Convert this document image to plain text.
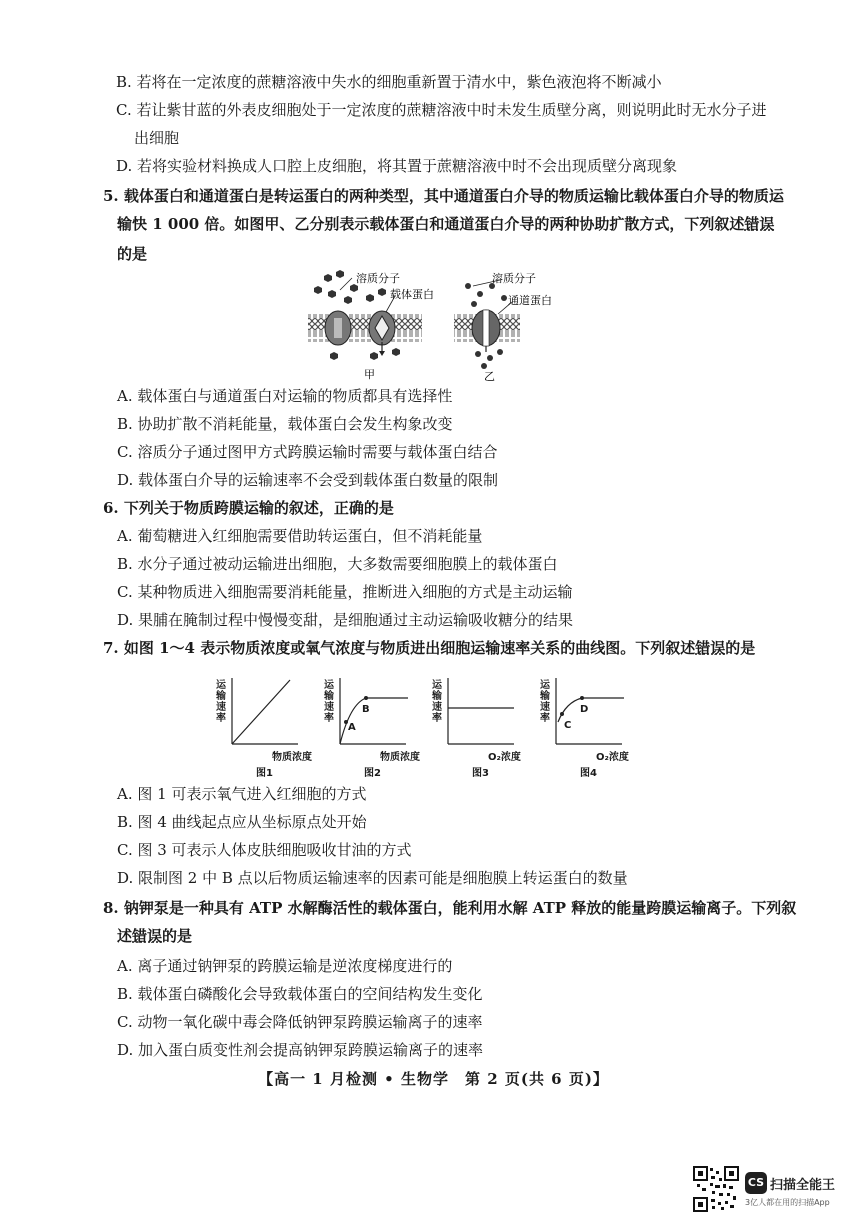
B. 若将在一定浓度的蔗糖溶液中失水的细胞重新置于清水中，紫色液泡将不断减小
C. 若让紫甘蓝的外表皮细胞处于一定浓度的蔗糖溶液中时未发生质壁分离，则说明此时无水分子进
出细胞
D. 若将实验材料换成人口腔上皮细胞，将其置于蔗糖溶液中时不会出现质壁分离现象
5. 载体蛋白和通道蛋白是转运蛋白的两种类型，其中通道蛋白介导的物质运输比载体蛋白介导的物质运
输快 1 000 倍。如图甲、乙分别表示载体蛋白和通道蛋白介导的两种协助扩散方式，下列叙述错误
的是
溶质分子
载体蛋白
甲
溶质分子
通道蛋白
乙
A. 载体蛋白与通道蛋白对运输的物质都具有选择性
B. 协助扩散不消耗能量，载体蛋白会发生构象改变
C. 溶质分子通过图甲方式跨膜运输时需要与载体蛋白结合
D. 载体蛋白介导的运输速率不会受到载体蛋白数量的限制
6. 下列关于物质跨膜运输的叙述，正确的是
A. 葡萄糖进入红细胞需要借助转运蛋白，但不消耗能量
B. 水分子通过被动运输进出细胞，大多数需要细胞膜上的载体蛋白
C. 某种物质进入细胞需要消耗能量，推断进入细胞的方式是主动运输
D. 果脯在腌制过程中慢慢变甜，是细胞通过主动运输吸收糖分的结果
7. 如图 1～4 表示物质浓度或氧气浓度与物质进出细胞运输速率关系的曲线图。下列叙述错误的是
运输速率
物质浓度
图1
运输速率
A
B
物质浓度
图2
运输速率
O₂浓度
图3
运输速率
C
D
O₂浓度
图4
A. 图 1 可表示氧气进入红细胞的方式
B. 图 4 曲线起点应从坐标原点处开始
C. 图 3 可表示人体皮肤细胞吸收甘油的方式
D. 限制图 2 中 B 点以后物质运输速率的因素可能是细胞膜上转运蛋白的数量
8. 钠钾泵是一种具有 ATP 水解酶活性的载体蛋白，能利用水解 ATP 释放的能量跨膜运输离子。下列叙
述错误的是
A. 离子通过钠钾泵的跨膜运输是逆浓度梯度进行的
B. 载体蛋白磷酸化会导致载体蛋白的空间结构发生变化
C. 动物一氧化碳中毒会降低钠钾泵跨膜运输离子的速率
D. 加入蛋白质变性剂会提高钠钾泵跨膜运输离子的速率
【高一 1 月检测 • 生物学　第 2 页(共 6 页)】
CS 扫描全能王
3亿人都在用的扫描App
